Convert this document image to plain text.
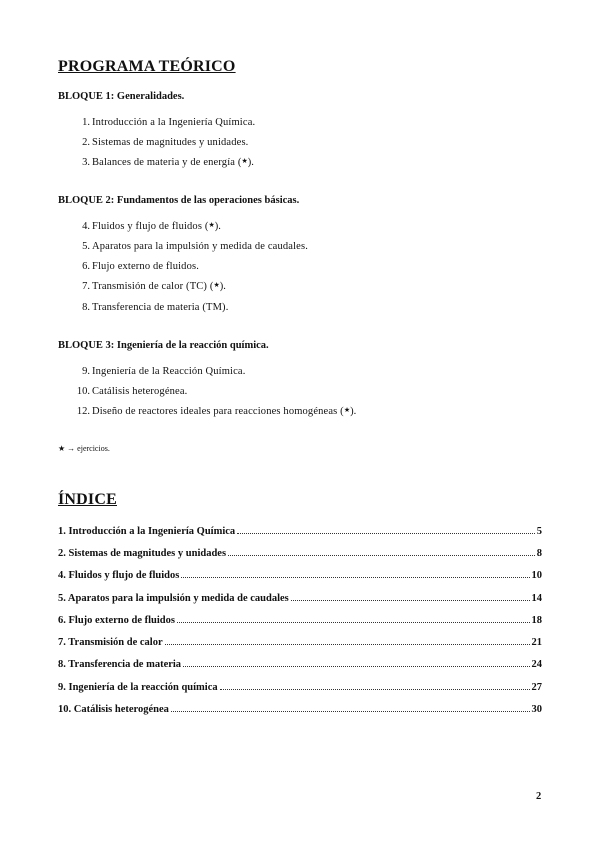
PROGRAMA TEÓRICO
BLOQUE 1: Generalidades.
1. Introducción a la Ingeniería Química.
2. Sistemas de magnitudes y unidades.
3. Balances de materia y de energía (★).
BLOQUE 2: Fundamentos de las operaciones básicas.
4. Fluidos y flujo de fluidos (★).
5. Aparatos para la impulsión y medida de caudales.
6. Flujo externo de fluidos.
7. Transmisión de calor (TC) (★).
8. Transferencia de materia (TM).
BLOQUE 3: Ingeniería de la reacción química.
9. Ingeniería de la Reacción Química.
10. Catálisis heterogénea.
12. Diseño de reactores ideales para reacciones homogéneas (★).
★ → ejercicios.
ÍNDICE
1. Introducción a la Ingeniería Química	5
2. Sistemas de magnitudes y unidades	8
4. Fluidos y flujo de fluidos	10
5. Aparatos para la impulsión y medida de caudales	14
6. Flujo externo de fluidos	18
7. Transmisión de calor	21
8. Transferencia de materia	24
9. Ingeniería de la reacción química	27
10. Catálisis heterogénea	30
2
